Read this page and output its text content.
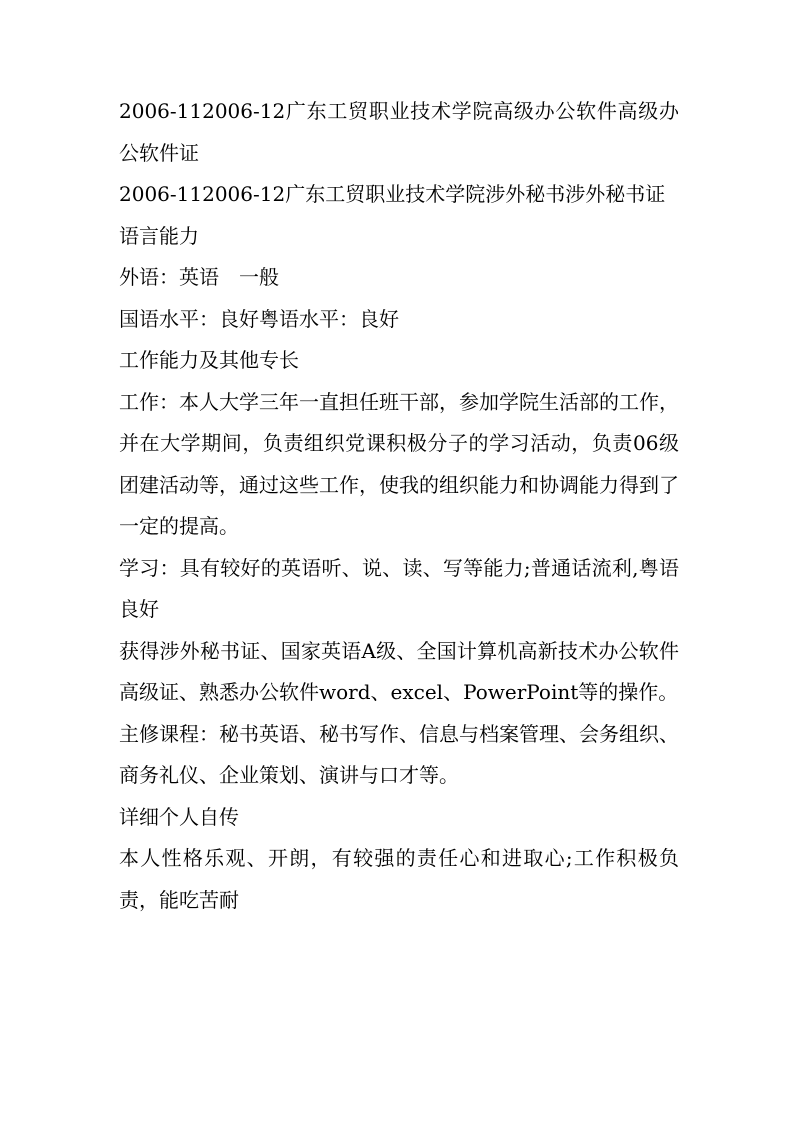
2006-112006-12广东工贸职业技术学院高级办公软件高级办公软件证

2006-112006-12广东工贸职业技术学院涉外秘书涉外秘书证

语言能力

外语：英语　一般

国语水平：良好粤语水平：良好

工作能力及其他专长

工作：本人大学三年一直担任班干部，参加学院生活部的工作，并在大学期间，负责组织党课积极分子的学习活动，负责06级团建活动等，通过这些工作，使我的组织能力和协调能力得到了一定的提高。

学习：具有较好的英语听、说、读、写等能力;普通话流利,粤语良好

获得涉外秘书证、国家英语A级、全国计算机高新技术办公软件高级证、熟悉办公软件word、excel、PowerPoint等的操作。

主修课程：秘书英语、秘书写作、信息与档案管理、会务组织、商务礼仪、企业策划、演讲与口才等。

详细个人自传

本人性格乐观、开朗，有较强的责任心和进取心;工作积极负责，能吃苦耐
